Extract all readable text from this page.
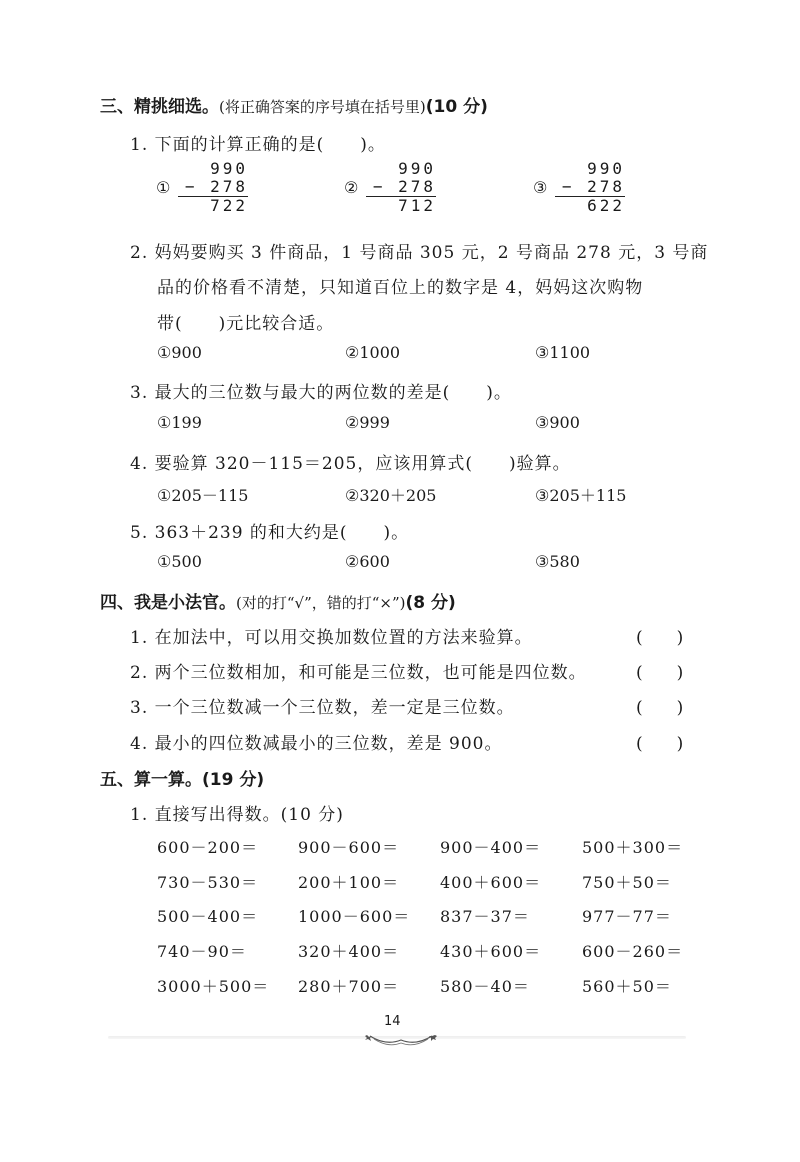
三、精挑细选。(将正确答案的序号填在括号里)(10 分)
1. 下面的计算正确的是(　　)。
①
990
− 278
722
②
990
− 278
712
③
990
− 278
622
2. 妈妈要购买 3 件商品，1 号商品 305 元，2 号商品 278 元，3 号商
品的价格看不清楚，只知道百位上的数字是 4，妈妈这次购物
带(　　)元比较合适。
①900	②1000	③1100
3. 最大的三位数与最大的两位数的差是(　　)。
①199	②999	③900
4. 要验算 320－115＝205，应该用算式(　　)验算。
①205－115	②320＋205	③205＋115
5. 363＋239 的和大约是(　　)。
①500	②600	③580
四、我是小法官。(对的打“√”，错的打“×”)(8 分)
1. 在加法中，可以用交换加数位置的方法来验算。	(　　)
2. 两个三位数相加，和可能是三位数，也可能是四位数。	(　　)
3. 一个三位数减一个三位数，差一定是三位数。	(　　)
4. 最小的四位数减最小的三位数，差是 900。	(　　)
五、算一算。(19 分)
1. 直接写出得数。(10 分)
600－200＝ 900－600＝	900－400＝	500＋300＝
730－530＝ 200＋100＝	400＋600＝	750＋50＝
500－400＝ 1000－600＝ 837－37＝	977－77＝
740－90＝	320＋400＝	430＋600＝	600－260＝
3000＋500＝ 280＋700＝	580－40＝	560＋50＝
14
